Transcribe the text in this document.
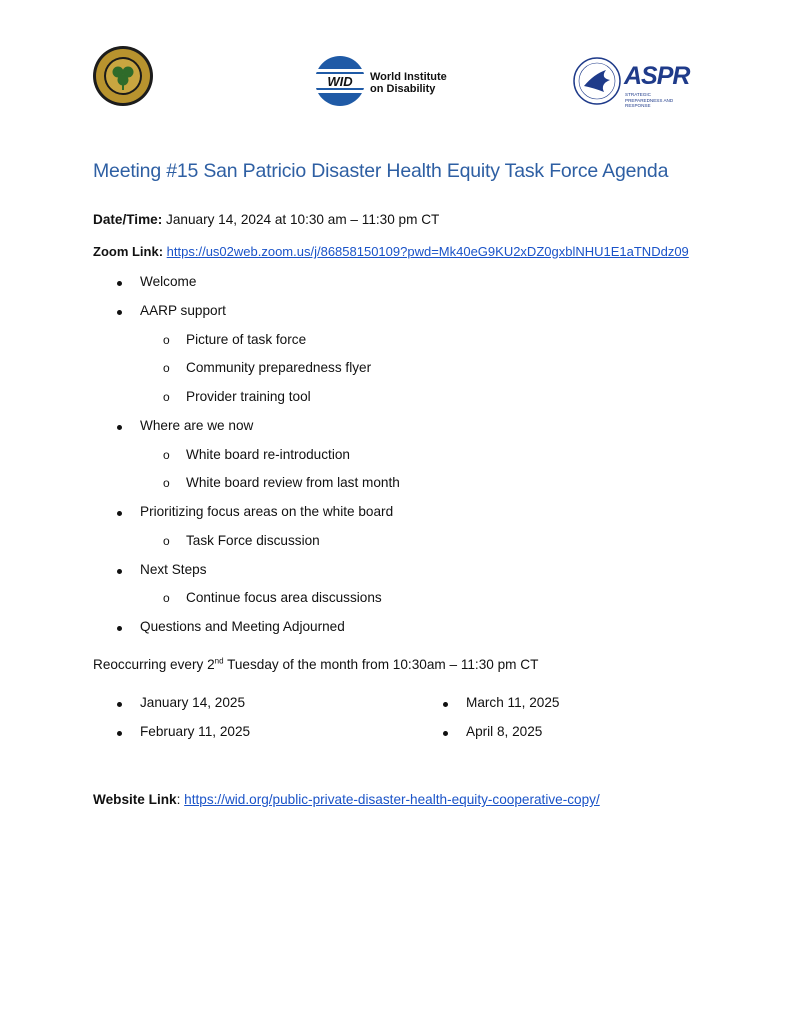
WID World Institute
on Disability	ASPR
STRATEGIC PREPAREDNESS AND RESPONSE
Meeting #15 San Patricio Disaster Health Equity Task Force Agenda
Date/Time: January 14, 2024 at 10:30 am – 11:30 pm CT
Zoom Link: https://us02web.zoom.us/j/86858150109?pwd=Mk40eG9KU2xDZ0gxblNHU1E1aTNDdz09
Welcome
AARP support
o Picture of task force
o Community preparedness flyer
o Provider training tool
Where are we now
o White board re-introduction
o White board review from last month
Prioritizing focus areas on the white board
o Task Force discussion
Next Steps
o Continue focus area discussions
Questions and Meeting Adjourned
Reoccurring every 2nd Tuesday of the month from 10:30am – 11:30 pm CT
January 14, 2025
February 11, 2025
March 11, 2025
April 8, 2025
Website Link: https://wid.org/public-private-disaster-health-equity-cooperative-copy/
